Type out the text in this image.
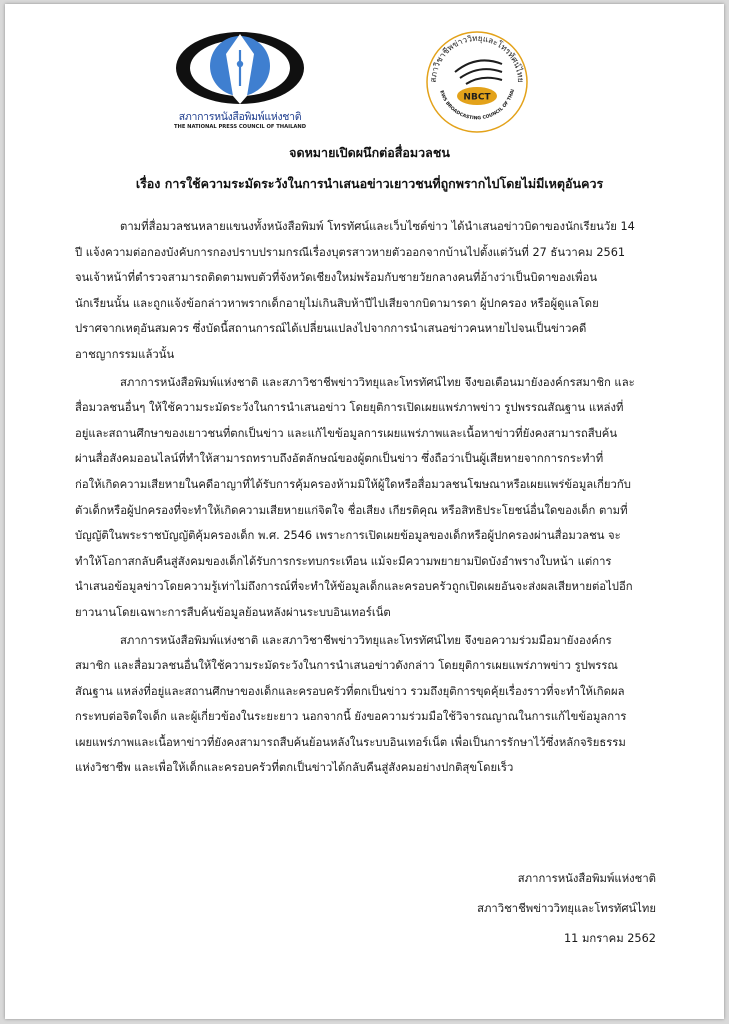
สภาการหนังสือพิมพ์แห่งชาติ
THE NATIONAL PRESS COUNCIL OF THAILAND
สภาวิชาชีพข่าววิทยุและโทรทัศน์ไทย
EWS BROADCASTING COUNCIL OF THAI
NBCT
จดหมายเปิดผนึกต่อสื่อมวลชน
เรื่อง การใช้ความระมัดระวังในการนำเสนอข่าวเยาวชนที่ถูกพรากไปโดยไม่มีเหตุอันควร
ตามที่สื่อมวลชนหลายแขนงทั้งหนังสือพิมพ์ โทรทัศน์และเว็บไซต์ข่าว ได้นำเสนอข่าวบิดาของนักเรียนวัย 14
ปี แจ้งความต่อกองบังคับการกองปราบปรามกรณีเรื่องบุตรสาวหายตัวออกจากบ้านไปตั้งแต่วันที่ 27 ธันวาคม 2561
จนเจ้าหน้าที่ตำรวจสามารถติดตามพบตัวที่จังหวัดเชียงใหม่พร้อมกับชายวัยกลางคนที่อ้างว่าเป็นบิดาของเพื่อน
นักเรียนนั้น และถูกแจ้งข้อกล่าวหาพรากเด็กอายุไม่เกินสิบห้าปีไปเสียจากบิดามารดา ผู้ปกครอง หรือผู้ดูแลโดย
ปราศจากเหตุอันสมควร ซึ่งบัดนี้สถานการณ์ได้เปลี่ยนแปลงไปจากการนำเสนอข่าวคนหายไปจนเป็นข่าวคดี
อาชญากรรมแล้วนั้น
สภาการหนังสือพิมพ์แห่งชาติ และสภาวิชาชีพข่าววิทยุและโทรทัศน์ไทย จึงขอเตือนมายังองค์กรสมาชิก และ
สื่อมวลชนอื่นๆ ให้ใช้ความระมัดระวังในการนำเสนอข่าว โดยยุติการเปิดเผยแพร่ภาพข่าว รูปพรรณสัณฐาน แหล่งที่
อยู่และสถานศึกษาของเยาวชนที่ตกเป็นข่าว และแก้ไขข้อมูลการเผยแพร่ภาพและเนื้อหาข่าวที่ยังคงสามารถสืบค้น
ผ่านสื่อสังคมออนไลน์ที่ทำให้สามารถทราบถึงอัตลักษณ์ของผู้ตกเป็นข่าว ซึ่งถือว่าเป็นผู้เสียหายจากการกระทำที่
ก่อให้เกิดความเสียหายในคดีอาญาที่ได้รับการคุ้มครองห้ามมิให้ผู้ใดหรือสื่อมวลชนโฆษณาหรือเผยแพร่ข้อมูลเกี่ยวกับ
ตัวเด็กหรือผู้ปกครองที่จะทำให้เกิดความเสียหายแก่จิตใจ ชื่อเสียง เกียรติคุณ หรือสิทธิประโยชน์อื่นใดของเด็ก ตามที่
บัญญัติในพระราชบัญญัติคุ้มครองเด็ก พ.ศ. 2546 เพราะการเปิดเผยข้อมูลของเด็กหรือผู้ปกครองผ่านสื่อมวลชน จะ
ทำให้โอกาสกลับคืนสู่สังคมของเด็กได้รับการกระทบกระเทือน แม้จะมีความพยายามปิดบังอำพรางใบหน้า แต่การ
นำเสนอข้อมูลข่าวโดยความรู้เท่าไม่ถึงการณ์ที่จะทำให้ข้อมูลเด็กและครอบครัวถูกเปิดเผยอันจะส่งผลเสียหายต่อไปอีก
ยาวนานโดยเฉพาะการสืบค้นข้อมูลย้อนหลังผ่านระบบอินเทอร์เน็ต
สภาการหนังสือพิมพ์แห่งชาติ และสภาวิชาชีพข่าววิทยุและโทรทัศน์ไทย จึงขอความร่วมมือมายังองค์กร
สมาชิก และสื่อมวลชนอื่นให้ใช้ความระมัดระวังในการนำเสนอข่าวดังกล่าว โดยยุติการเผยแพร่ภาพข่าว รูปพรรณ
สัณฐาน แหล่งที่อยู่และสถานศึกษาของเด็กและครอบครัวที่ตกเป็นข่าว รวมถึงยุติการขุดคุ้ยเรื่องราวที่จะทำให้เกิดผล
กระทบต่อจิตใจเด็ก และผู้เกี่ยวข้องในระยะยาว นอกจากนี้ ยังขอความร่วมมือใช้วิจารณญาณในการแก้ไขข้อมูลการ
เผยแพร่ภาพและเนื้อหาข่าวที่ยังคงสามารถสืบค้นย้อนหลังในระบบอินเทอร์เน็ต เพื่อเป็นการรักษาไว้ซึ่งหลักจริยธรรม
แห่งวิชาชีพ และเพื่อให้เด็กและครอบครัวที่ตกเป็นข่าวได้กลับคืนสู่สังคมอย่างปกติสุขโดยเร็ว
สภาการหนังสือพิมพ์แห่งชาติ
สภาวิชาชีพข่าววิทยุและโทรทัศน์ไทย
11 มกราคม 2562
